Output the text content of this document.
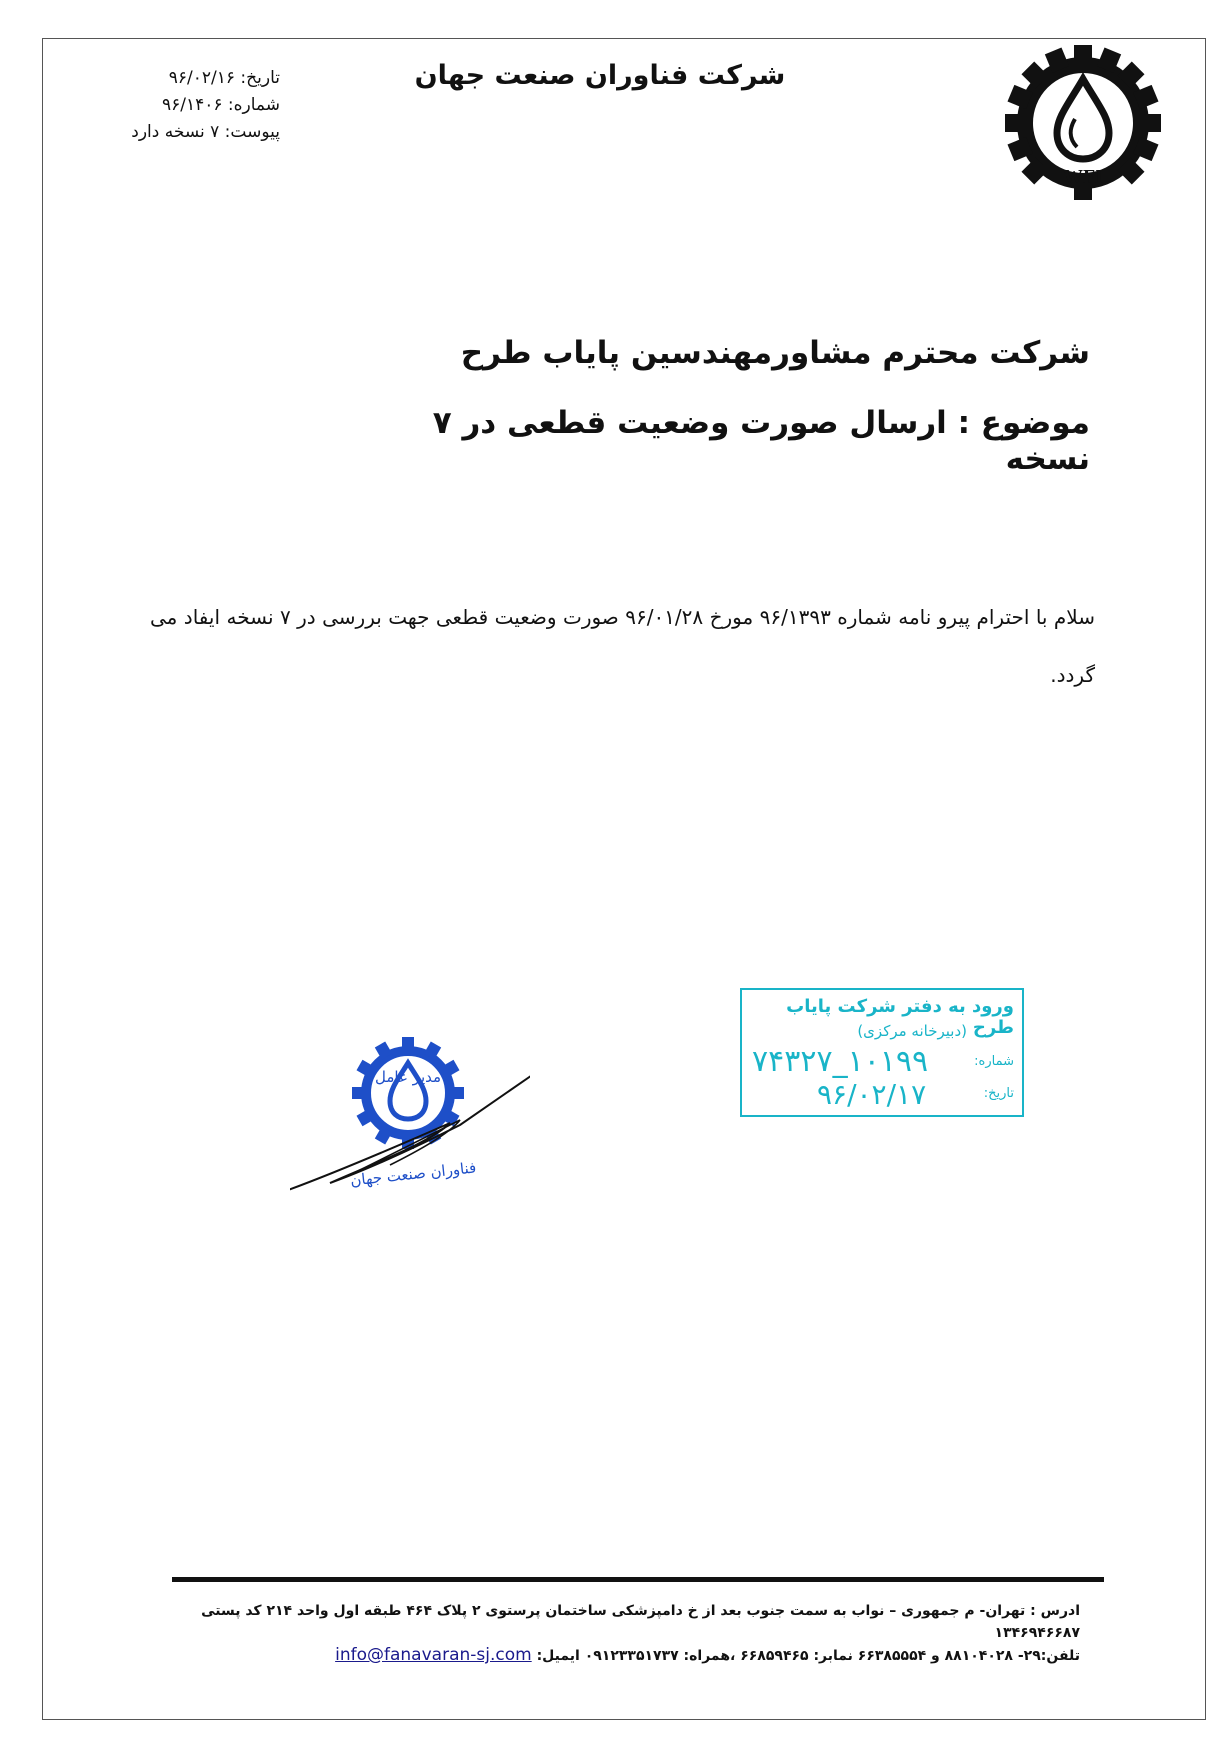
WFI
شرکت فناوران صنعت جهان
تاریخ: ۹۶/۰۲/۱۶
شماره: ۹۶/۱۴۰۶
پیوست: ۷ نسخه دارد
شرکت محترم مشاورمهندسین پایاب طرح
موضوع : ارسال صورت وضعیت قطعی در ۷ نسخه
سلام با احترام پیرو نامه شماره ۹۶/۱۳۹۳ مورخ ۹۶/۰۱/۲۸ صورت وضعیت قطعی جهت بررسی در ۷ نسخه ایفاد می گردد.
ورود به دفتر شرکت پایاب طرح
(دبیرخانه مرکزی)
شماره:
۱۰۱۹۹_۷۴۳۲۷
تاریخ:
۹۶/۰۲/۱۷
مدیر عامل
فناوران صنعت جهان
ادرس : تهران- م جمهوری – نواب به سمت جنوب بعد از خ دامپزشکی ساختمان پرستوی ۲ پلاک ۴۶۴ طبقه اول واحد ۲۱۴ کد پستی ۱۳۴۶۹۴۶۶۸۷
تلفن:۲۹- ۸۸۱۰۴۰۲۸ و ۶۶۳۸۵۵۵۴ نمابر: ۶۶۸۵۹۴۶۵ ،همراه: ۰۹۱۲۳۳۵۱۷۳۷ ایمیل: info@fanavaran-sj.com
